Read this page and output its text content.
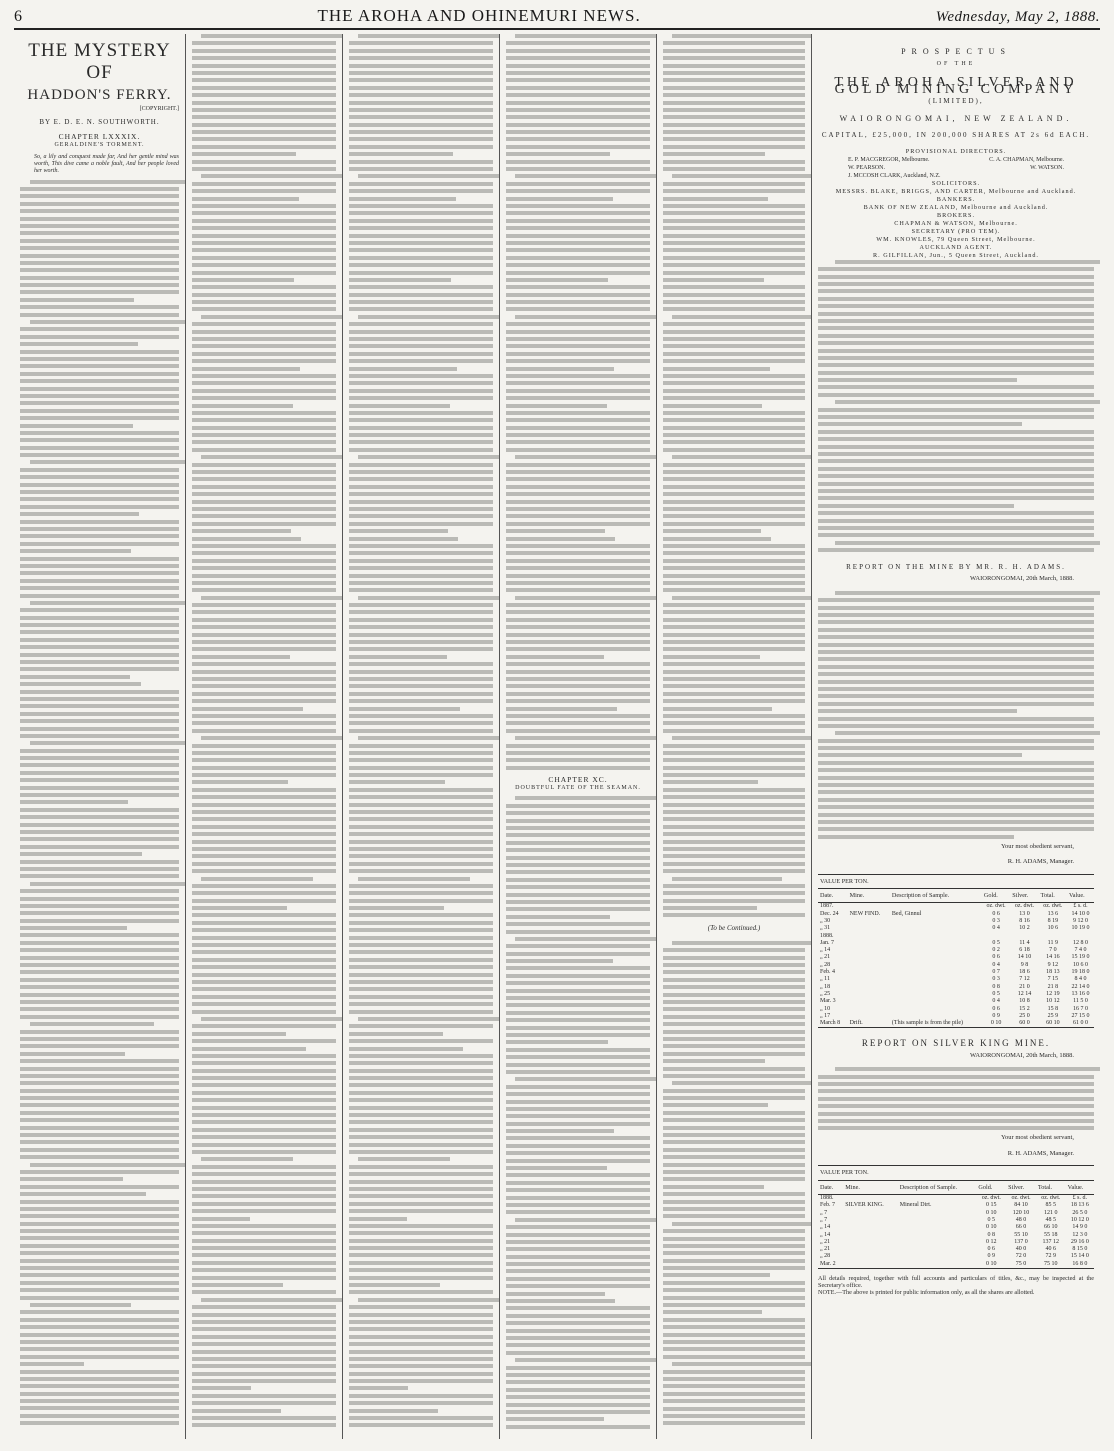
6	THE AROHA AND OHINEMURI NEWS.	Wednesday, May 2, 1888.
THE MYSTERY OF
HADDON'S FERRY.
[COPYRIGHT.]
BY E. D. E. N. SOUTHWORTH.
CHAPTER LXXXIX.
GERALDINE'S TORMENT.
So, a lily and conquest made far, And her gentle mind was worth, This dive came a noble fault, And her people loved her worth.
CHAPTER XC.
DOUBTFUL FATE OF THE SEAMAN.
(To be Continued.)
PROSPECTUS
OF THE
THE AROHA SILVER AND GOLD MINING COMPANY
(LIMITED),
WAIORONGOMAI, NEW ZEALAND.
CAPITAL, £25,000, IN 200,000 SHARES AT 2s 6d EACH.
PROVISIONAL DIRECTORS.
E. P. MACGREGOR, Melbourne.	C. A. CHAPMAN, Melbourne.
W. PEARSON.	W. WATSON.
J. MCCOSH CLARK, Auckland, N.Z.
SOLICITORS.
MESSRS. BLAKE, BRIGGS, AND CARTER, Melbourne and Auckland.
BANKERS.
BANK OF NEW ZEALAND, Melbourne and Auckland.
BROKERS.
CHAPMAN & WATSON, Melbourne.
SECRETARY (PRO TEM).
WM. KNOWLES, 79 Queen Street, Melbourne.
AUCKLAND AGENT.
R. GILFILLAN, Jun., 5 Queen Street, Auckland.
REPORT ON THE MINE BY MR. R. H. ADAMS.
WAIORONGOMAI, 20th March, 1888.
Your most obedient servant,
R. H. ADAMS, Manager.
VALUE PER TON.						
Date.	Mine.	Description of Sample.	Gold.	Silver.	Total.	Value.
1887.			oz. dwt.	oz. dwt.	oz. dwt.	£ s. d.
Dec. 24	NEW FIND.	Bed, Ginnul	0 6	13 0	13 6	14 10 0
„ 30			0 3	8 16	8 19	9 12 0
„ 31			0 4	10 2	10 6	10 19 0
1888.						
Jan. 7			0 5	11 4	11 9	12 8 0
„ 14			0 2	6 18	7 0	7 4 0
„ 21			0 6	14 10	14 16	15 19 0
„ 28			0 4	9 8	9 12	10 6 0
Feb. 4			0 7	18 6	18 13	19 18 0
„ 11			0 3	7 12	7 15	8 4 0
„ 18			0 8	21 0	21 8	22 14 0
„ 25			0 5	12 14	12 19	13 16 0
Mar. 3			0 4	10 8	10 12	11 5 0
„ 10			0 6	15 2	15 8	16 7 0
„ 17			0 9	25 0	25 9	27 15 0
March 8	Drift.	(This sample is from the pile)	0 10	60 0	60 10	61 0 0
REPORT ON SILVER KING MINE.
WAIORONGOMAI, 20th March, 1888.
Your most obedient servant,
R. H. ADAMS, Manager.
VALUE PER TON.						
Date.	Mine.	Description of Sample.	Gold.	Silver.	Total.	Value.
1888.			oz. dwt.	oz. dwt.	oz. dwt.	£ s. d.
Feb. 7	SILVER KING.	Mineral Dirt.	0 15	84 10	85 5	18 13 6
„ 7			0 10	120 10	121 0	26 5 0
„ 7			0 5	48 0	48 5	10 12 0
„ 14			0 10	66 0	66 10	14 9 0
„ 14			0 8	55 10	55 18	12 3 0
„ 21			0 12	137 0	137 12	29 16 0
„ 21			0 6	40 0	40 6	8 15 0
„ 28			0 9	72 0	72 9	15 14 0
Mar. 2			0 10	75 0	75 10	16 8 0
All details required, together with full accounts and particulars of titles, &c., may be inspected at the Secretary's office.
NOTE.—The above is printed for public information only, as all the shares are allotted.
